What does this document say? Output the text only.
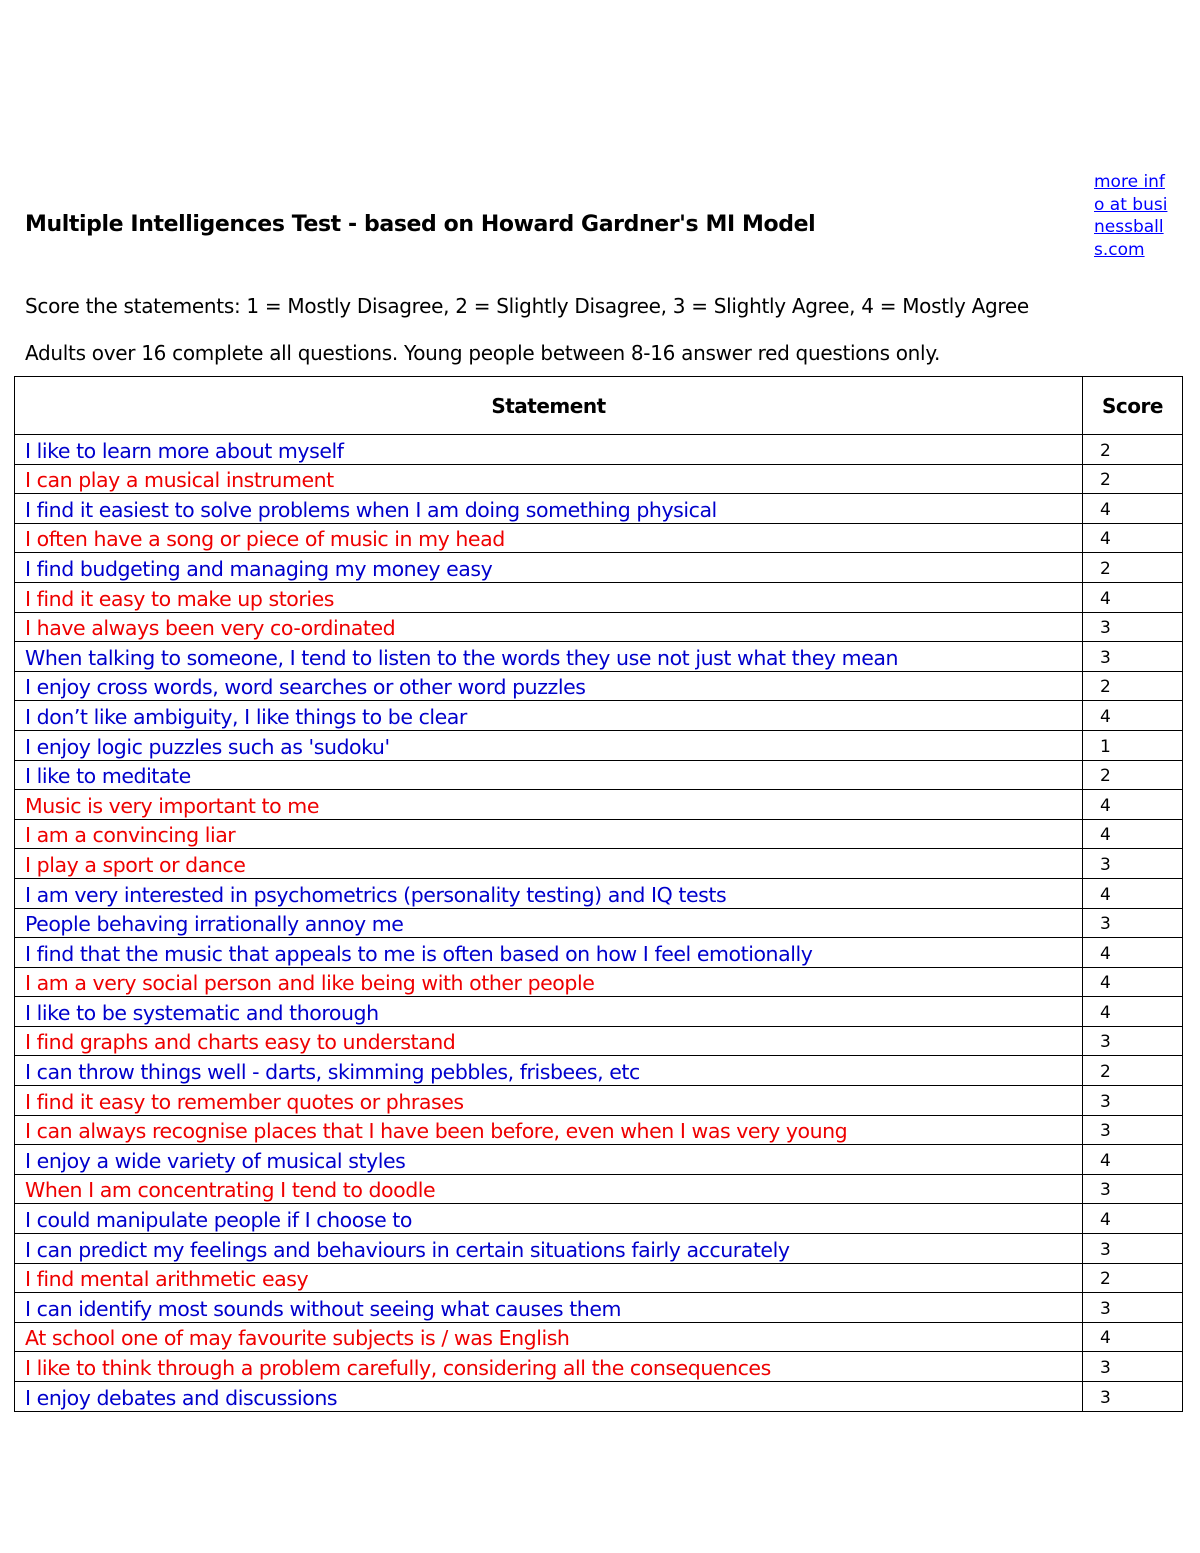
Multiple Intelligences Test - based on Howard Gardner's MI Model
more info at businessballs.com
Score the statements: 1 = Mostly Disagree, 2 = Slightly Disagree, 3 = Slightly Agree, 4 = Mostly Agree
Adults over 16 complete all questions. Young people between 8-16 answer red questions only.
Statement	Score
I like to learn more about myself	2
I can play a musical instrument	2
I find it easiest to solve problems when I am doing something physical	4
I often have a song or piece of music in my head	4
I find budgeting and managing my money easy	2
I find it easy to make up stories	4
I have always been very co-ordinated	3
When talking to someone, I tend to listen to the words they use not just what they mean	3
I enjoy cross words, word searches or other word puzzles	2
I don’t like ambiguity, I like things to be clear	4
I enjoy logic puzzles such as 'sudoku'	1
I like to meditate	2
Music is very important to me	4
I am a convincing liar	4
I play a sport or dance	3
I am very interested in psychometrics (personality testing) and IQ tests	4
People behaving irrationally annoy me	3
I find that the music that appeals to me is often based on how I feel emotionally	4
I am a very social person and like being with other people	4
I like to be systematic and thorough	4
I find graphs and charts easy to understand	3
I can throw things well - darts, skimming pebbles, frisbees, etc	2
I find it easy to remember quotes or phrases	3
I can always recognise places that I have been before, even when I was very young	3
I enjoy a wide variety of musical styles	4
When I am concentrating I tend to doodle	3
I could manipulate people if I choose to	4
I can predict my feelings and behaviours in certain situations fairly accurately	3
I find mental arithmetic easy	2
I can identify most sounds without seeing what causes them	3
At school one of may favourite subjects is / was English	4
I like to think through a problem carefully, considering all the consequences	3
I enjoy debates and discussions	3
